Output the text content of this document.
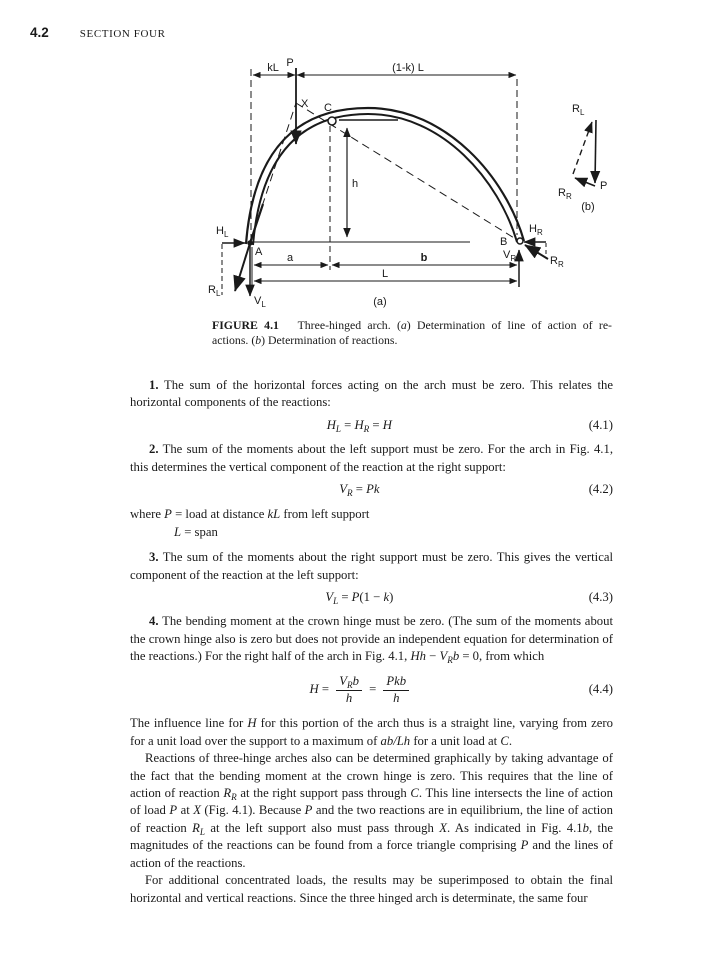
4.2	SECTION FOUR
kL	(1-k) L
P
X C
h
$H_L$
A
$R_L$
$V_L$
B
$H_R$
$V_R$	$R_R$
a	b
L
(a)
$R_L$
P
$R_R$
(b)
FIGURE 4.1   Three-hinged arch. (a) Determination of line of action of re-
actions. (b) Determination of reactions.

1. The sum of the horizontal forces acting on the arch must be zero. This relates the horizontal components of the reactions:

$H_L = H_R = H$	(4.1)

2. The sum of the moments about the left support must be zero. For the arch in Fig. 4.1, this determines the vertical component of the reaction at the right support:

$V_R = Pk$	(4.2)
where P = load at distance kL from left support
L = span

3. The sum of the moments about the right support must be zero. This gives the vertical component of the reaction at the left support:

$V_L = P(1 - k)$	(4.3)

4. The bending moment at the crown hinge must be zero. (The sum of the moments about the crown hinge also is zero but does not provide an independent equation for determination of the reactions.) For the right half of the arch in Fig. 4.1, $Hh - V_Rb = 0$, from which

$H = \frac{V_Rb}{h} = \frac{\text{Pkb}}{h}$	(4.4)

The influence line for H for this portion of the arch thus is a straight line, varying from zero for a unit load over the support to a maximum of ab/Lh for a unit load at C.

Reactions of three-hinge arches also can be determined graphically by taking advantage of the fact that the bending moment at the crown hinge is zero. This requires that the line of action of reaction $R_R$ at the right support pass through C. This line intersects the line of action of load P at X (Fig. 4.1). Because P and the two reactions are in equilibrium, the line of action of reaction $R_L$ at the left support also must pass through X. As indicated in Fig. 4.1b, the magnitudes of the reactions can be found from a force triangle comprising P and the lines of action of the reactions.

For additional concentrated loads, the results may be superimposed to obtain the final horizontal and vertical reactions. Since the three hinged arch is determinate, the same four
